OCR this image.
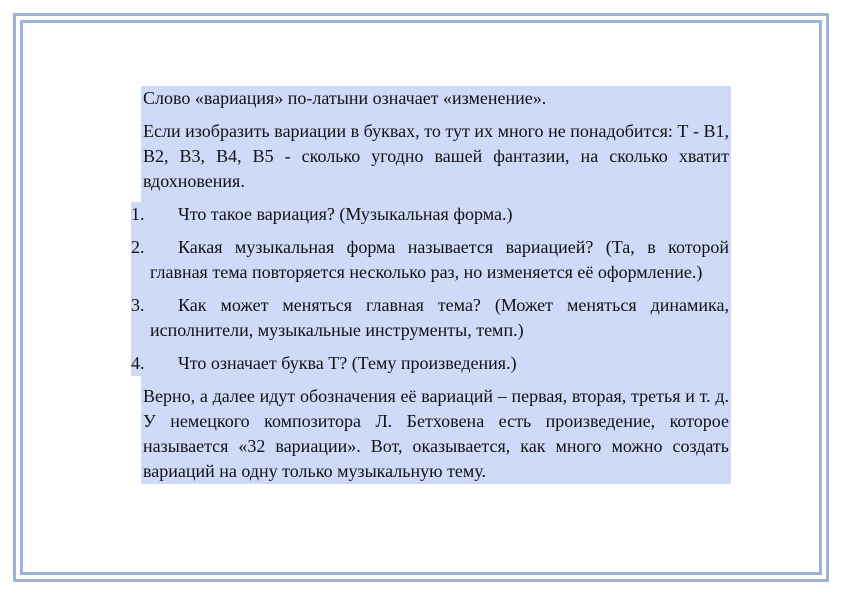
Слово «вариация» по-латыни означает «изменение».

Если изобразить вариации в буквах, то тут их много не понадобится: Т - В1, В2, В3, В4, В5 - сколько угодно вашей фантазии, на сколько хватит вдохновения.

1. Что такое вариация? (Музыкальная форма.)
2. Какая музыкальная форма называется вариацией? (Та, в которой главная тема повторяется несколько раз, но изменяется её оформление.)
3. Как может меняться главная тема? (Может меняться динамика, исполнители, музыкальные инструменты, темп.)
4. Что означает буква Т? (Тему произведения.)

Верно, а далее идут обозначения её вариаций – первая, вторая, третья и т. д. У немецкого композитора Л. Бетховена есть произведение, которое называется «32 вариации». Вот, оказывается, как много можно создать вариаций на одну только музыкальную тему.
